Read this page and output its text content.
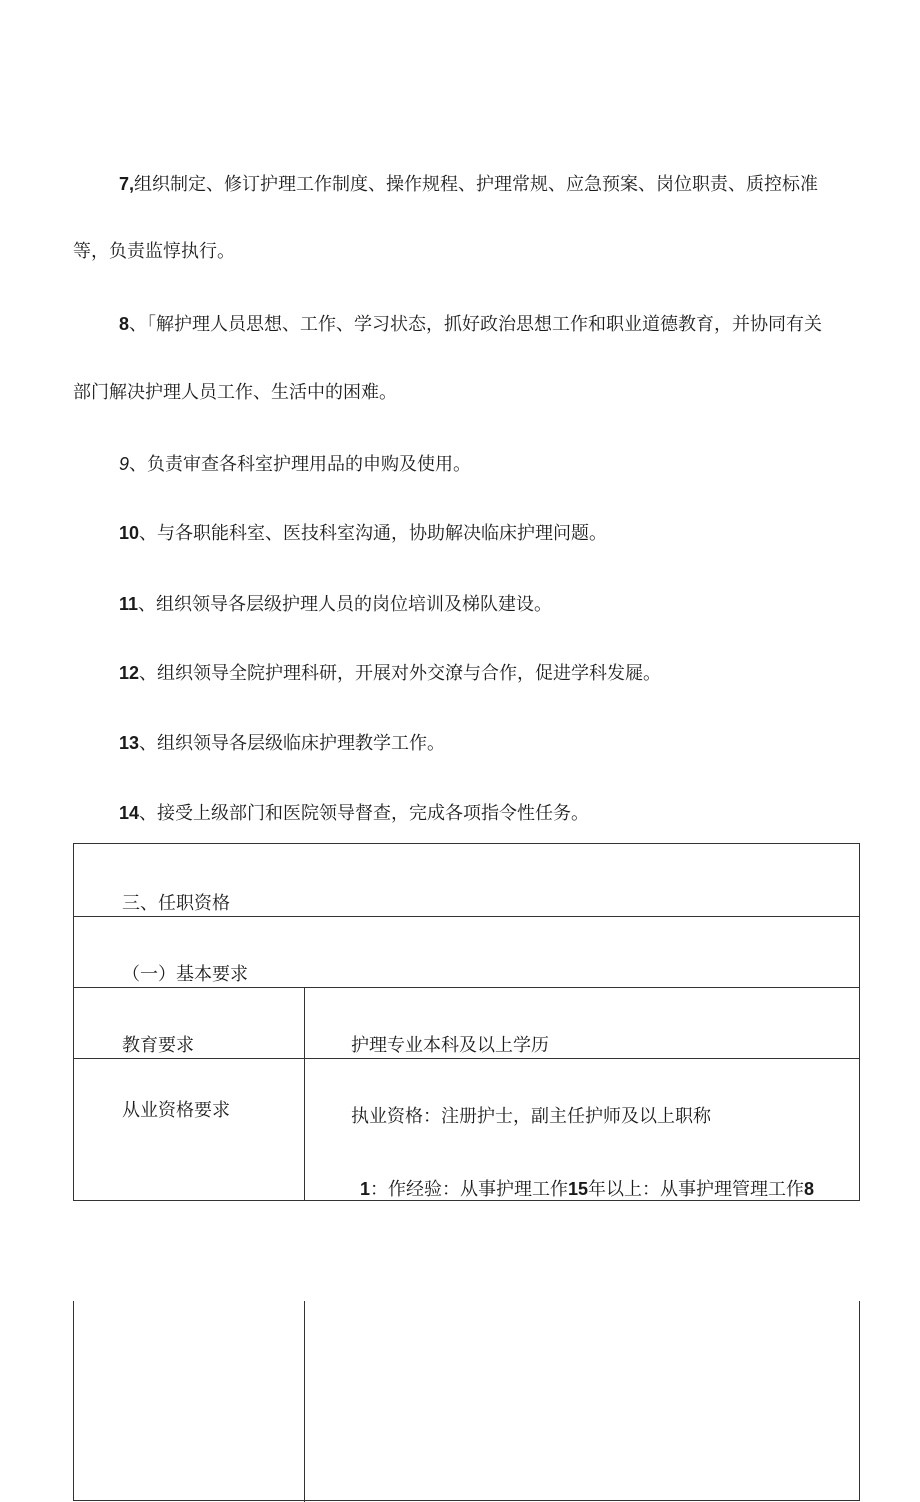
7,组织制定、修订护理工作制度、操作规程、护理常规、应急预案、岗位职责、质控标准
等，负责监惇执行。
8、「解护理人员思想、工作、学习状态，抓好政治思想工作和职业道德教育，并协同有关
部门解决护理人员工作、生活中的困难。
9、负责审查各科室护理用品的申购及使用。
10、与各职能科室、医技科室沟通，协助解决临床护理问题。
11、组织领导各层级护理人员的岗位培训及梯队建设。
12、组织领导全院护理科研，开展对外交潦与合作，促进学科发屣。
13、组织领导各层级临床护理教学工作。
14、接受上级部门和医院领导督查，完成各项指令性任务。
三、任职资格
（一）基本要求
教育要求	护理专业本科及以上学历
从业资格要求	执业资格：注册护士，副主任护师及以上职称
1：作经验：从事护理工作15年以上：从事护理管理工作8
